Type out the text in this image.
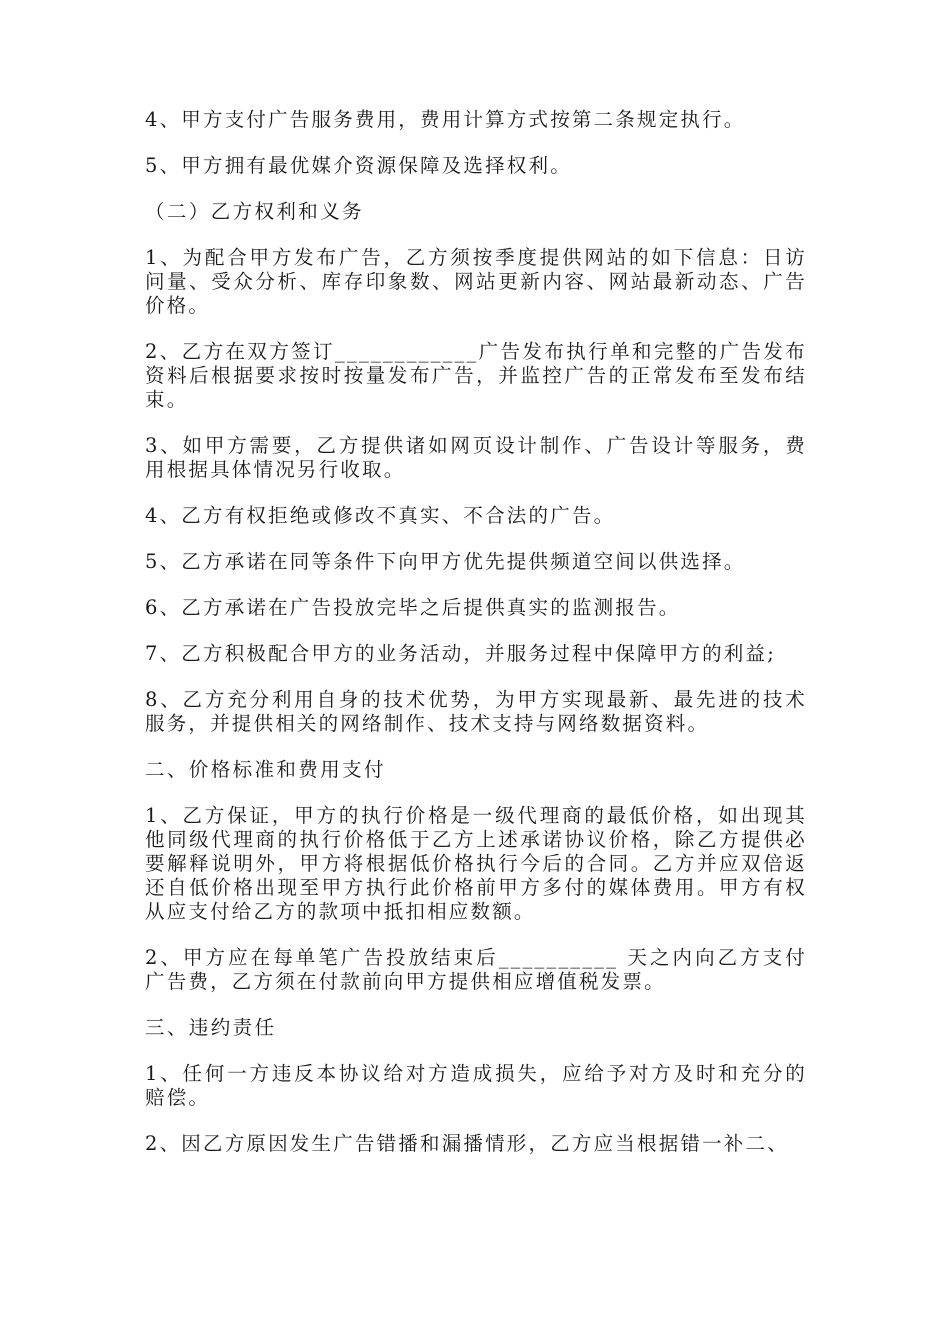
4、甲方支付广告服务费用，费用计算方式按第二条规定执行。

5、甲方拥有最优媒介资源保障及选择权利。

（二）乙方权利和义务

1、为配合甲方发布广告，乙方须按季度提供网站的如下信息：日访问量、受众分析、库存印象数、网站更新内容、网站最新动态、广告价格。

2、乙方在双方签订____________广告发布执行单和完整的广告发布资料后根据要求按时按量发布广告，并监控广告的正常发布至发布结束。

3、如甲方需要，乙方提供诸如网页设计制作、广告设计等服务，费用根据具体情况另行收取。

4、乙方有权拒绝或修改不真实、不合法的广告。

5、乙方承诺在同等条件下向甲方优先提供频道空间以供选择。

6、乙方承诺在广告投放完毕之后提供真实的监测报告。

7、乙方积极配合甲方的业务活动，并服务过程中保障甲方的利益;

8、乙方充分利用自身的技术优势，为甲方实现最新、最先进的技术服务，并提供相关的网络制作、技术支持与网络数据资料。

二、价格标准和费用支付

1、乙方保证，甲方的执行价格是一级代理商的最低价格，如出现其他同级代理商的执行价格低于乙方上述承诺协议价格，除乙方提供必要解释说明外，甲方将根据低价格执行今后的合同。乙方并应双倍返还自低价格出现至甲方执行此价格前甲方多付的媒体费用。甲方有权从应支付给乙方的款项中抵扣相应数额。

2、甲方应在每单笔广告投放结束后__________ 天之内向乙方支付广告费，乙方须在付款前向甲方提供相应增值税发票。

三、违约责任

1、任何一方违反本协议给对方造成损失，应给予对方及时和充分的赔偿。

2、因乙方原因发生广告错播和漏播情形，乙方应当根据错一补二、
